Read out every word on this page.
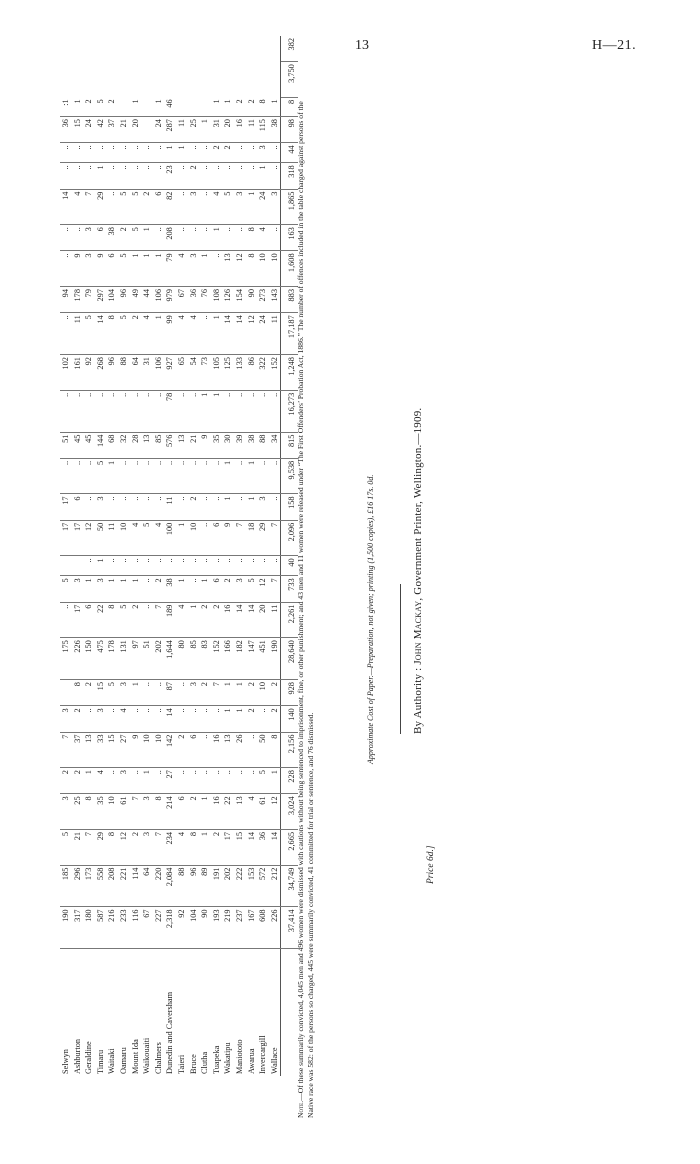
13	H—21.
Selwyn	190	185	5	3	2	7	3		175	..	5		17	17	..	51	..	102	..	94	..	..	14	..	..	36	:1		
Ashburton	317	296	21	25	2	37	2	8	226	17	3		17	6	..	45	..	161	11	178	9	..	4	..	..	15	1		
Geraldine	180	173	7	8	1	13	..	2	150	6	1	..	12	..	..	45	..	92	5	79	3	3	7	..	..	24	2		
Timaru	587	558	29	35	4	33	3	15	475	22	3	1	50	3	5	144	..	268	14	297	9	6	29	1	..	42	5		
Waitaki	216	208	8	10	..	15	..	5	178	8	1	..	11	..	1	68	..	96	8	104	6	38	..	..	..	37	2		
Oamaru	233	221	12	61	3	27	4	3	131	5	1	..	10	..	..	32	..	88	5	96	5	2	5	..	..	21			
Mount Ida	116	114	2	7	..	9	..	1	97	2	1	..	4	..	..	28	..	64	2	49	1	5	5	..	..	20	1		
Waikouaiti	67	64	3	3	1	10	..	..	51	..	..	..	5	..	..	13	..	31	4	44	1	1	2	..	..				
Chalmers	227	220	7	8	..	10	..	..	202	7	2	..	4	..	..	85	..	106	1	106	1	..	6	..	..	24	1		
Dunedin and Caversham	2,318	2,084	234	214	27	142	14	87	1,644	189	38	..	100	11	..	576	78	927	99	979	79	208	82	23	1	287	46		
Taieri	92	88	4	6	..	2	..	..	80	4	1	..	1	..	..	13	..	65	4	67	4	..	..	..	1	11			
Bruce	104	96	8	2	..	6	..	3	85	1	..	..	10	2	..	21	..	54	4	36	3	..	3	2	..	25			
Clutha	90	89	1	1	..	..	..	2	83	2	1	..	..	..	..	9	1	73	..	76	1	..	..	..	..	1			
Tuapeka	193	191	2	16	..	16	..	7	152	2	6	..	6	..	..	35	1	105	1	108	..	1	4	..	2	31	1		
Wakatipu	219	202	17	22	..	13	1	1	166	16	2	..	9	1	1	30	..	125	14	126	13	..	5	..	2	20	1		
Maniototo	237	222	15	13	..	26	1	1	182	14	3	..	7	..	..	39	..	133	14	154	12	..	3	..	..	16	2		
Awarua	167	153	14	4	..	..	2	2	147	14	5	..	18	1	1	38	..	86	12	90	8	8	1	..	..	11	2		
Invercargill	608	572	36	61	5	50	..	10	451	20	12	..	29	3	..	88	..	322	24	273	10	4	24	1	3	115	8		
Wallace	226	212	14	12	1	8	2	2	190	11	7	..	7	..	..	34	..	152	11	143	10	..	3	..	..	38	1		
	37,414	34,749	2,665	3,024	228	2,156	140	928	28,640	2,261	733	40	2,096	158	9,538	815	16,273	1,248	17,187	883	1,608	163	1,865	318	44	98	8	3,750	382
Note.—Of these summarily convicted, 4,045 men and 496 women were dismissed with cautions without being sentenced to imprisonment, fine, or other punishment; and 43 men and 11 women were released under “The First Offenders’ Probation Act, 1886.” The number of offences included in the table charged against persons of the Native race was 582: of the persons so charged, 445 were summarily convicted, 41 committed for trial or sentence, and 76 dismissed.
Approximate Cost of Paper.—Preparation, not given; printing (1,500 copies), £16 17s. 0d.	By Authority : John Mackay, Government Printer, Wellington.—1909.
Price 6d.]
